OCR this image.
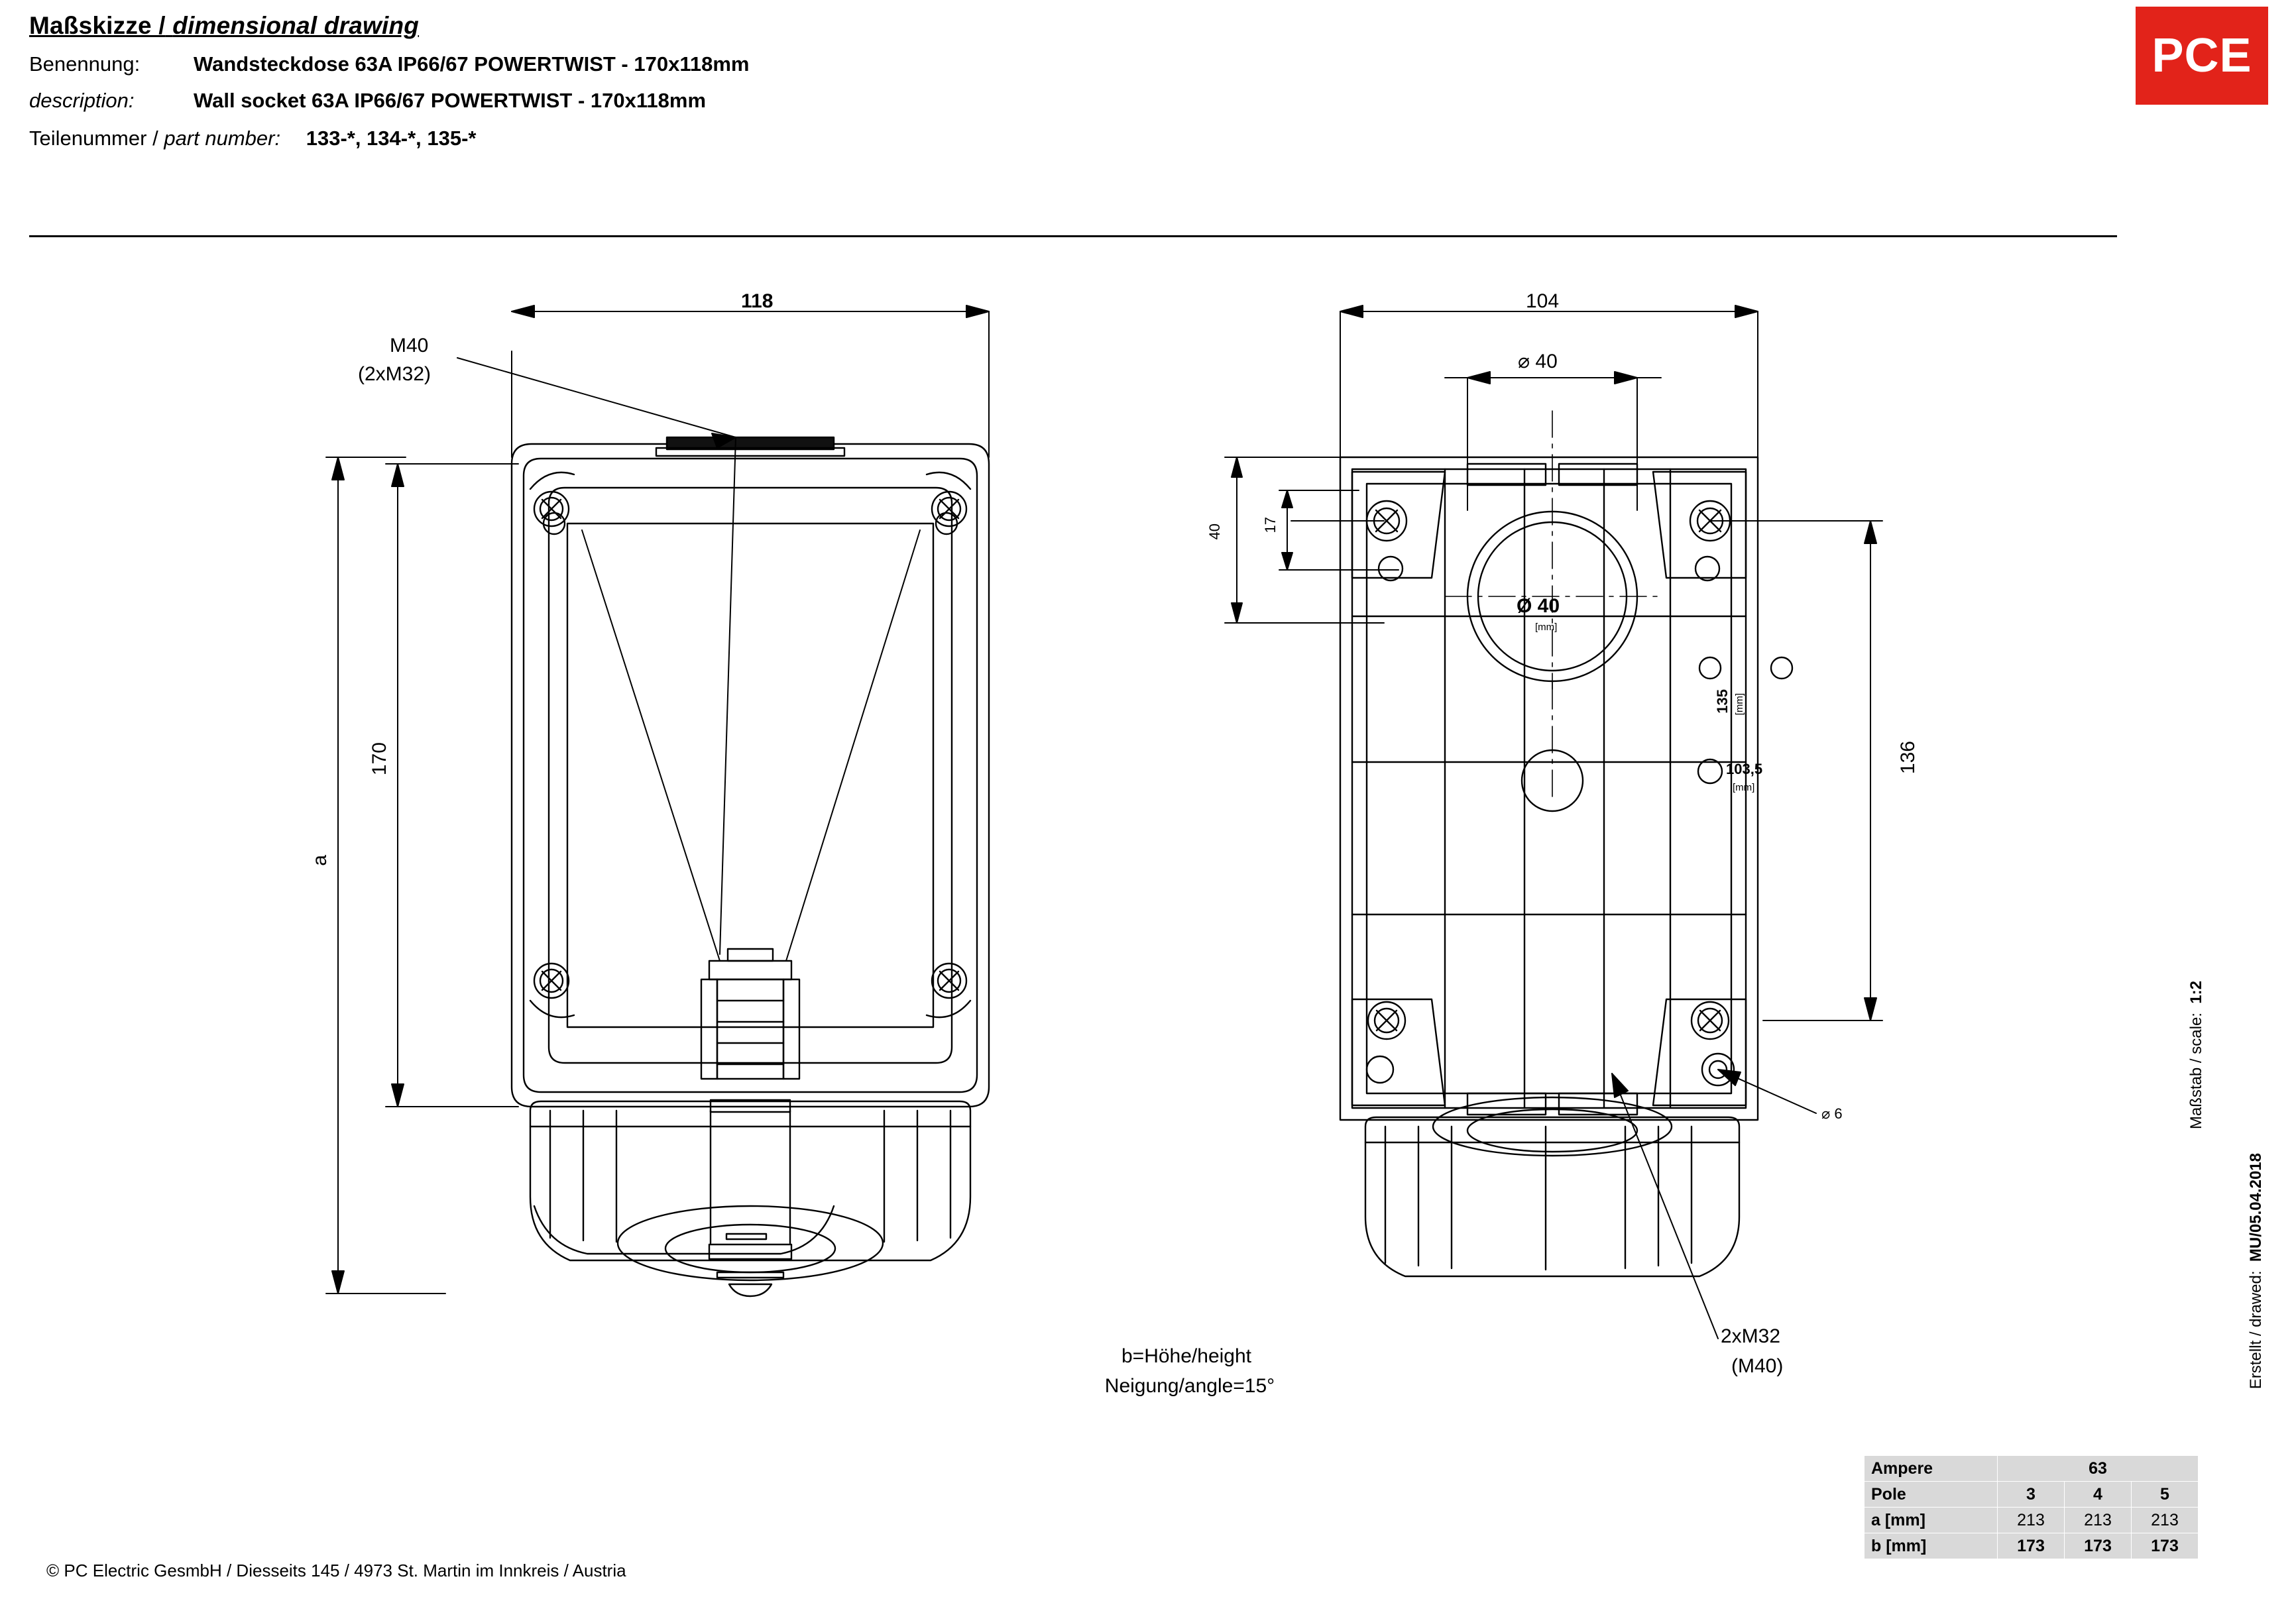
Maßskizze / dimensional drawing
Benennung:	Wandsteckdose 63A IP66/67 POWERTWIST - 170x118mm
description:	Wall socket 63A IP66/67 POWERTWIST - 170x118mm
Teilenummer / part number: 133-*, 134-*, 135-*
PCE
118
170
a
M40
(2xM32)
104
⌀ 40
17
40
136
⌀ 6
Ø 40
[mm]
135 [mm]
103,5
[mm]
2xM32
(M40)
b=Höhe/height
Neigung/angle=15°
Maßstab / scale:  1:2
Erstellt / drawed:  MU/05.04.2018
Ampere	63		
Pole	3	4	5
a [mm]	213	213	213
b [mm]	173	173	173
© PC Electric GesmbH / Diesseits 145 / 4973 St. Martin im Innkreis / Austria
